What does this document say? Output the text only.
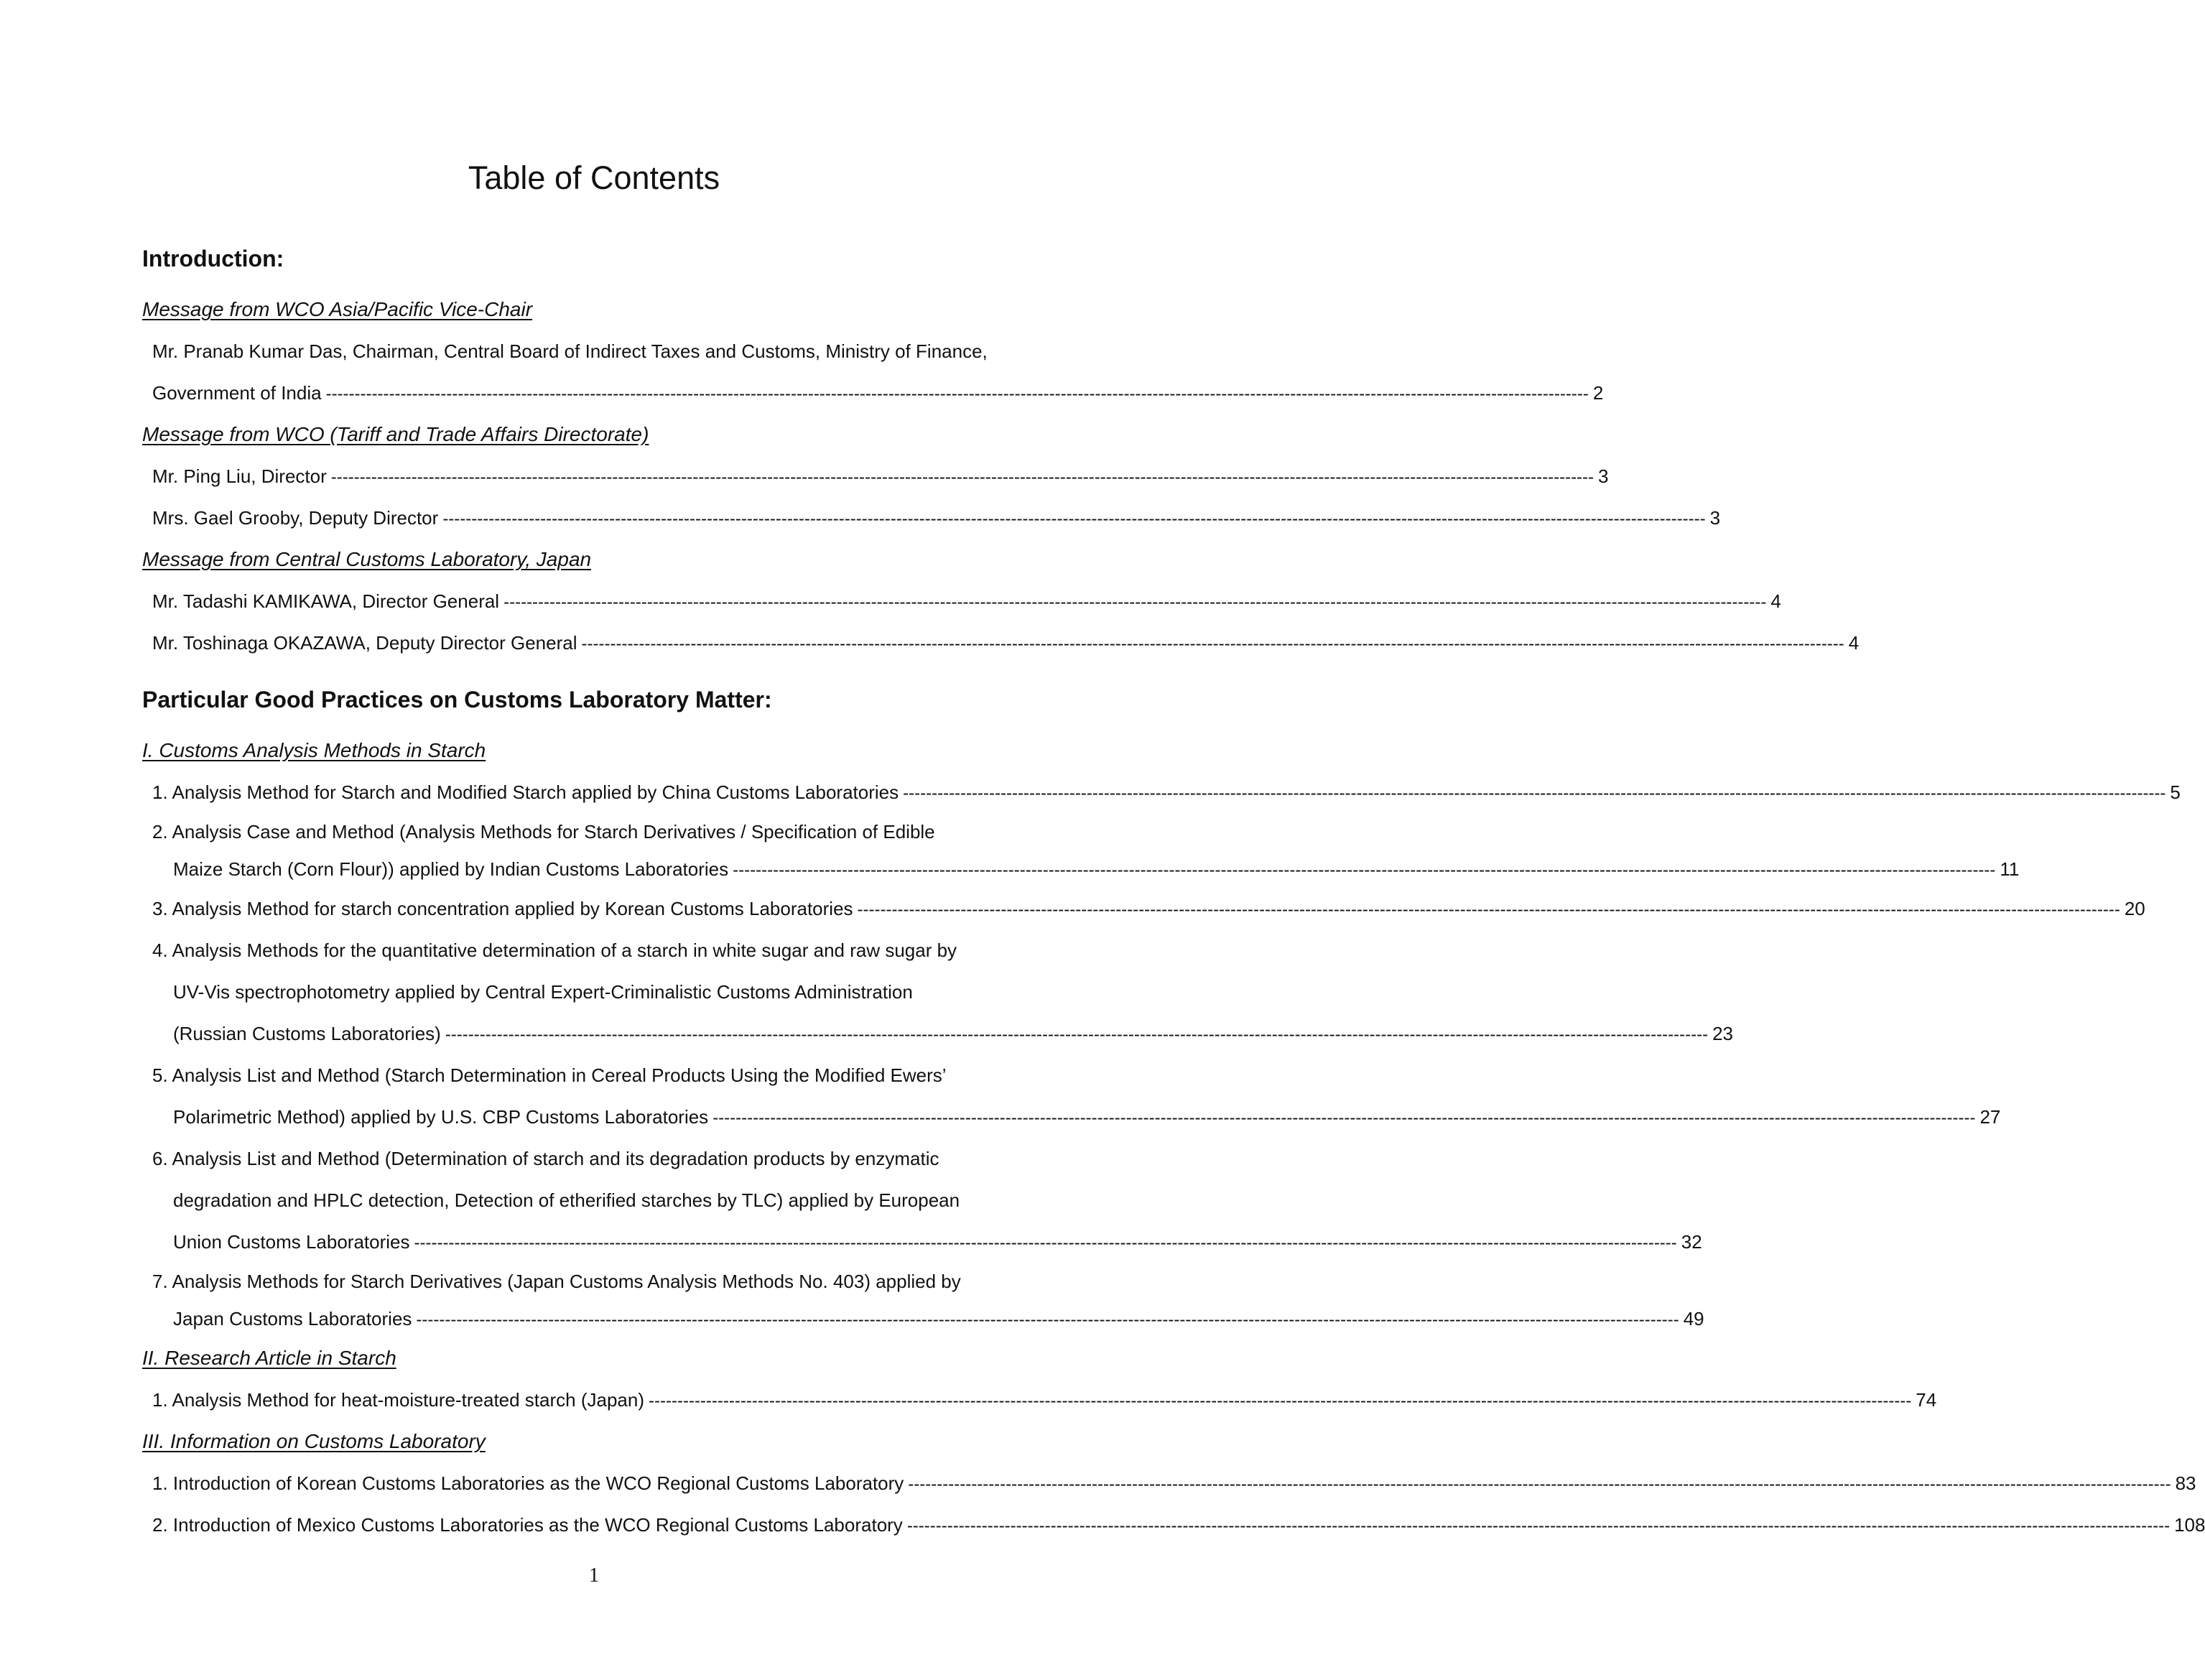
Table of Contents
Introduction:
Message from WCO Asia/Pacific Vice-Chair
Mr. Pranab Kumar Das, Chairman, Central Board of Indirect Taxes and Customs, Ministry of Finance,
Government of India ---------------------------------------------------------------------------------------------------------------------------------------------------------------------------------------------------------------------------- 2
Message from WCO (Tariff and Trade Affairs Directorate)
Mr. Ping Liu, Director ---------------------------------------------------------------------------------------------------------------------------------------------------------------------------------------------------------------------------- 3
Mrs. Gael Grooby, Deputy Director ---------------------------------------------------------------------------------------------------------------------------------------------------------------------------------------------------------------------------- 3
Message from Central Customs Laboratory, Japan
Mr. Tadashi KAMIKAWA, Director General ---------------------------------------------------------------------------------------------------------------------------------------------------------------------------------------------------------------------------- 4
Mr. Toshinaga OKAZAWA, Deputy Director General ---------------------------------------------------------------------------------------------------------------------------------------------------------------------------------------------------------------------------- 4
Particular Good Practices on Customs Laboratory Matter:
I. Customs Analysis Methods in Starch
1. Analysis Method for Starch and Modified Starch applied by China Customs Laboratories ---------------------------------------------------------------------------------------------------------------------------------------------------------------------------------------------------------------------------- 5
2. Analysis Case and Method (Analysis Methods for Starch Derivatives / Specification of Edible
Maize Starch (Corn Flour)) applied by Indian Customs Laboratories ---------------------------------------------------------------------------------------------------------------------------------------------------------------------------------------------------------------------------- 11
3. Analysis Method for starch concentration applied by Korean Customs Laboratories ---------------------------------------------------------------------------------------------------------------------------------------------------------------------------------------------------------------------------- 20
4. Analysis Methods for the quantitative determination of a starch in white sugar and raw sugar by
UV-Vis spectrophotometry applied by Central Expert-Criminalistic Customs Administration
(Russian Customs Laboratories) ---------------------------------------------------------------------------------------------------------------------------------------------------------------------------------------------------------------------------- 23
5. Analysis List and Method (Starch Determination in Cereal Products Using the Modified Ewers’
Polarimetric Method) applied by U.S. CBP Customs Laboratories ---------------------------------------------------------------------------------------------------------------------------------------------------------------------------------------------------------------------------- 27
6. Analysis List and Method (Determination of starch and its degradation products by enzymatic
degradation and HPLC detection, Detection of etherified starches by TLC) applied by European
Union Customs Laboratories ---------------------------------------------------------------------------------------------------------------------------------------------------------------------------------------------------------------------------- 32
7. Analysis Methods for Starch Derivatives (Japan Customs Analysis Methods No. 403) applied by
Japan Customs Laboratories ---------------------------------------------------------------------------------------------------------------------------------------------------------------------------------------------------------------------------- 49
II. Research Article in Starch
1. Analysis Method for heat-moisture-treated starch (Japan) ---------------------------------------------------------------------------------------------------------------------------------------------------------------------------------------------------------------------------- 74
III. Information on Customs Laboratory
1. Introduction of Korean Customs Laboratories as the WCO Regional Customs Laboratory ---------------------------------------------------------------------------------------------------------------------------------------------------------------------------------------------------------------------------- 83
2. Introduction of Mexico Customs Laboratories as the WCO Regional Customs Laboratory ---------------------------------------------------------------------------------------------------------------------------------------------------------------------------------------------------------------------------- 108
1
